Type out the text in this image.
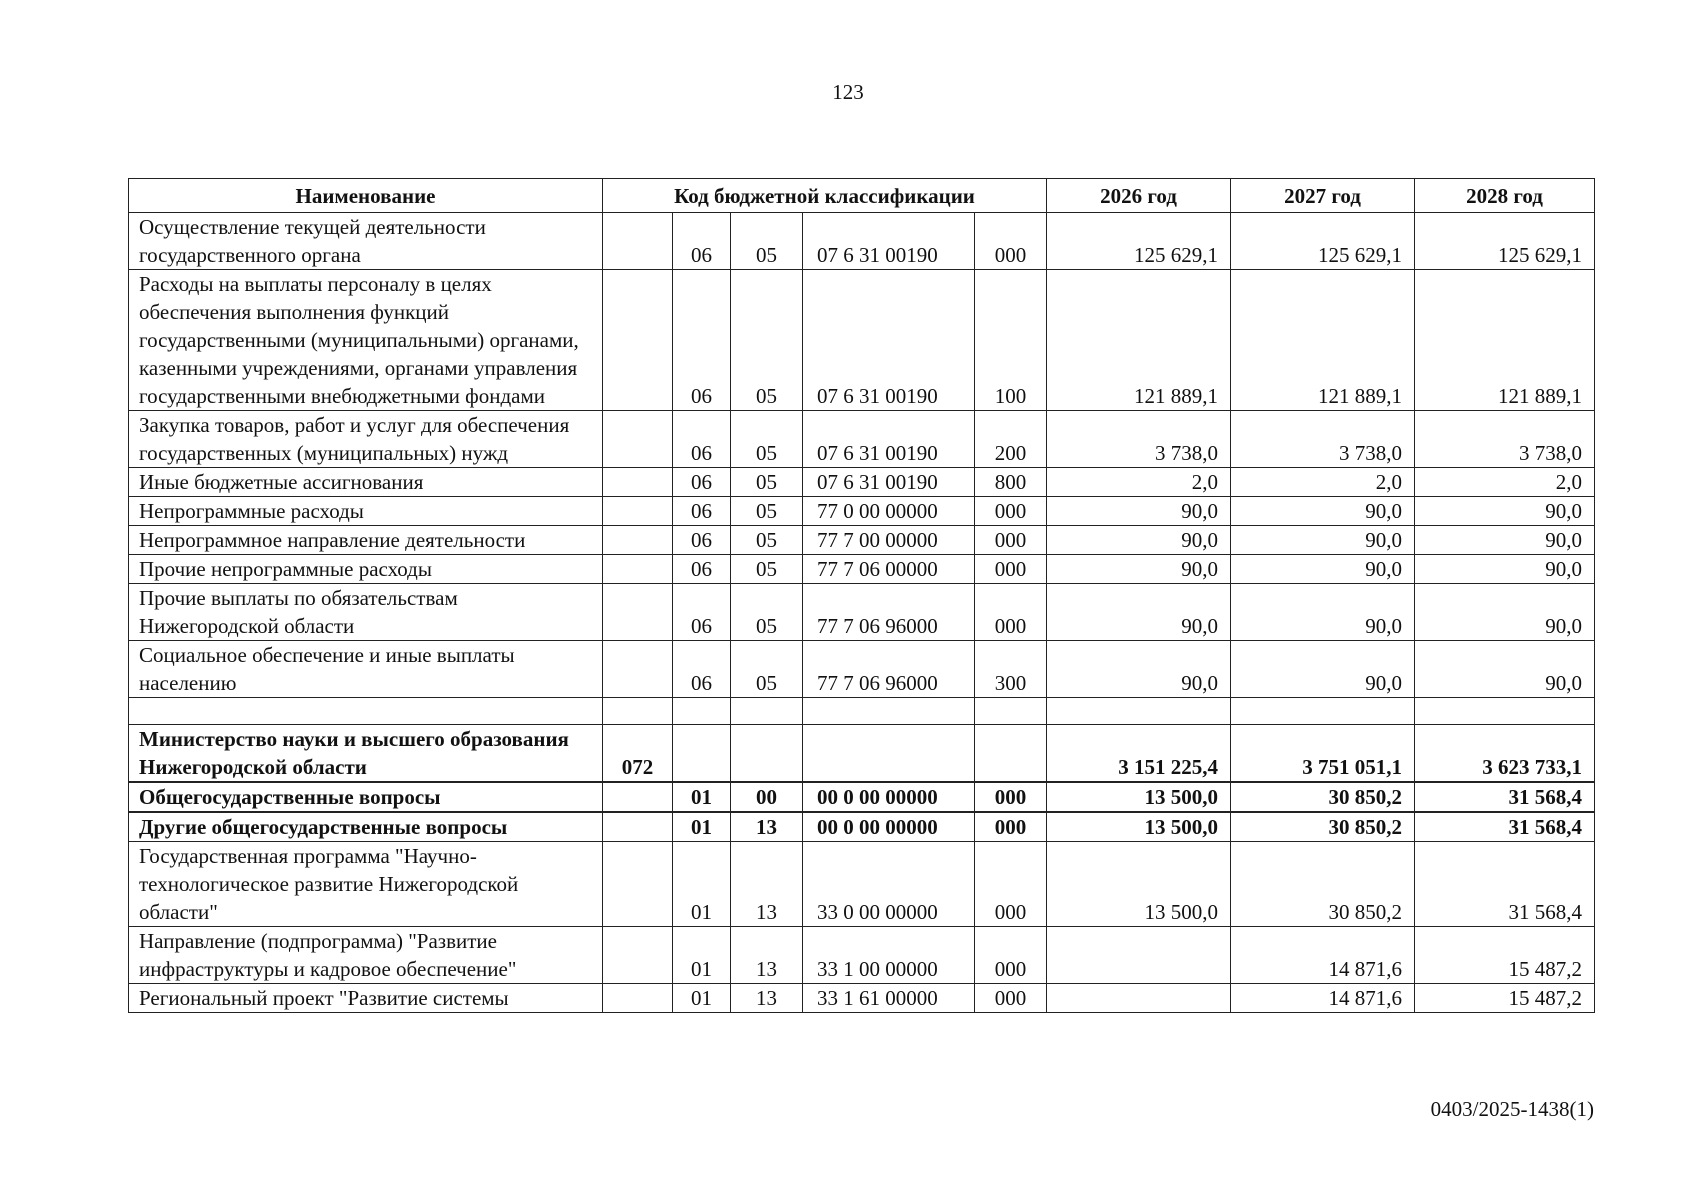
123
Наименование	Код бюджетной классификации					2026 год	2027 год	2028 год
Осуществление текущей деятельности государственного органа		06	05	07 6 31 00190	000	125 629,1	125 629,1	125 629,1
Расходы на выплаты персоналу в целях обеспечения выполнения функций государственными (муниципальными) органами, казенными учреждениями, органами управления государственными внебюджетными фондами		06	05	07 6 31 00190	100	121 889,1	121 889,1	121 889,1
Закупка товаров, работ и услуг для обеспечения государственных (муниципальных) нужд		06	05	07 6 31 00190	200	3 738,0	3 738,0	3 738,0
Иные бюджетные ассигнования		06	05	07 6 31 00190	800	2,0	2,0	2,0
Непрограммные расходы		06	05	77 0 00 00000	000	90,0	90,0	90,0
Непрограммное направление деятельности		06	05	77 7 00 00000	000	90,0	90,0	90,0
Прочие непрограммные расходы		06	05	77 7 06 00000	000	90,0	90,0	90,0
Прочие выплаты по обязательствам Нижегородской области		06	05	77 7 06 96000	000	90,0	90,0	90,0
Социальное обеспечение и иные выплаты населению		06	05	77 7 06 96000	300	90,0	90,0	90,0

Министерство науки и высшего образования Нижегородской области	072					3 151 225,4	3 751 051,1	3 623 733,1
Общегосударственные вопросы		01	00	00 0 00 00000	000	13 500,0	30 850,2	31 568,4
Другие общегосударственные вопросы		01	13	00 0 00 00000	000	13 500,0	30 850,2	31 568,4
Государственная программа "Научно-технологическое развитие Нижегородской области"		01	13	33 0 00 00000	000	13 500,0	30 850,2	31 568,4
Направление (подпрограмма) "Развитие инфраструктуры и кадровое обеспечение"		01	13	33 1 00 00000	000		14 871,6	15 487,2
Региональный проект "Развитие системы		01	13	33 1 61 00000	000		14 871,6	15 487,2
0403/2025-1438(1)
